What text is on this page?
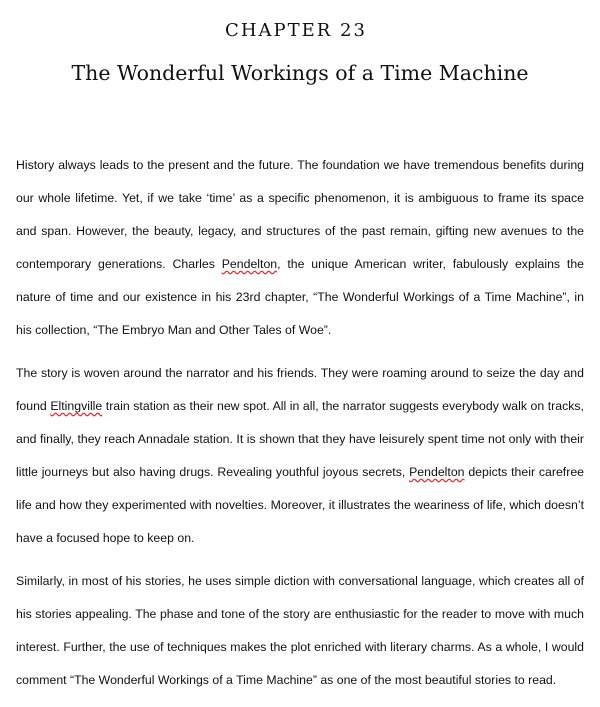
CHAPTER 23
The Wonderful Workings of a Time Machine

History always leads to the present and the future. The foundation we have tremendous benefits during our whole lifetime. Yet, if we take ‘time’ as a specific phenomenon, it is ambiguous to frame its space and span. However, the beauty, legacy, and structures of the past remain, gifting new avenues to the contemporary generations. Charles Pendelton, the unique American writer, fabulously explains the nature of time and our existence in his 23rd chapter, “The Wonderful Workings of a Time Machine”, in his collection, “The Embryo Man and Other Tales of Woe”.

The story is woven around the narrator and his friends. They were roaming around to seize the day and found Eltingville train station as their new spot. All in all, the narrator suggests everybody walk on tracks, and finally, they reach Annadale station. It is shown that they have leisurely spent time not only with their little journeys but also having drugs. Revealing youthful joyous secrets, Pendelton depicts their carefree life and how they experimented with novelties. Moreover, it illustrates the weariness of life, which doesn’t have a focused hope to keep on.

Similarly, in most of his stories, he uses simple diction with conversational language, which creates all of his stories appealing. The phase and tone of the story are enthusiastic for the reader to move with much interest. Further, the use of techniques makes the plot enriched with literary charms. As a whole, I would comment “The Wonderful Workings of a Time Machine” as one of the most beautiful stories to read.
